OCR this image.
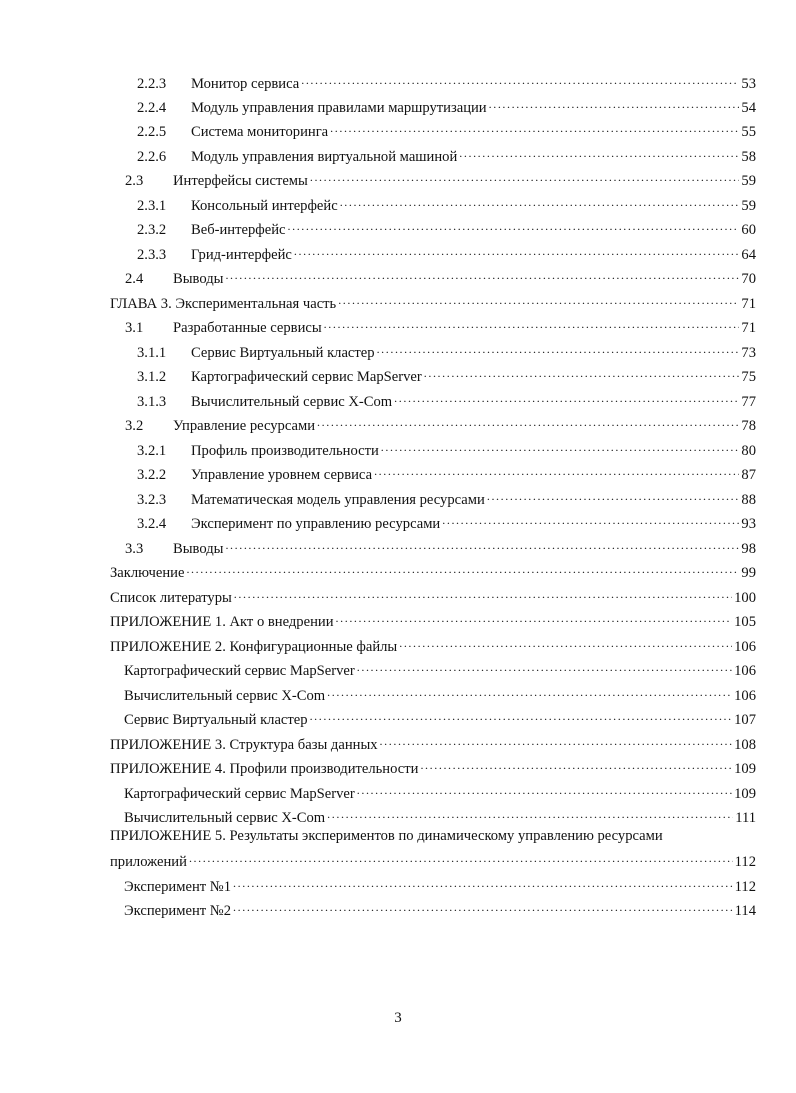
2.2.3	Монитор сервиса .....	53
2.2.4	Модуль управления правилами маршрутизации .....	54
2.2.5	Система мониторинга .....	55
2.2.6	Модуль управления виртуальной машиной .....	58
2.3	Интерфейсы системы .....	59
2.3.1	Консольный интерфейс .....	59
2.3.2	Веб-интерфейс .....	60
2.3.3	Грид-интерфейс .....	64
2.4	Выводы .....	70
ГЛАВА 3. Экспериментальная часть .....	71
3.1	Разработанные сервисы .....	71
3.1.1	Сервис Виртуальный кластер .....	73
3.1.2	Картографический сервис MapServer .....	75
3.1.3	Вычислительный сервис X-Com .....	77
3.2	Управление ресурсами .....	78
3.2.1	Профиль производительности .....	80
3.2.2	Управление уровнем сервиса .....	87
3.2.3	Математическая модель управления ресурсами .....	88
3.2.4	Эксперимент по управлению ресурсами .....	93
3.3	Выводы .....	98
Заключение .....	99
Список литературы .....	100
ПРИЛОЖЕНИЕ 1. Акт о внедрении .....	105
ПРИЛОЖЕНИЕ 2. Конфигурационные файлы .....	106
Картографический сервис MapServer .....	106
Вычислительный сервис X-Com .....	106
Сервис Виртуальный кластер .....	107
ПРИЛОЖЕНИЕ 3. Структура базы данных .....	108
ПРИЛОЖЕНИЕ 4. Профили производительности .....	109
Картографический сервис MapServer .....	109
Вычислительный сервис X-Com .....	111
ПРИЛОЖЕНИЕ 5. Результаты экспериментов по динамическому управлению ресурсами
приложений .....	112
Эксперимент №1 .....	112
Эксперимент №2 .....	114
3
